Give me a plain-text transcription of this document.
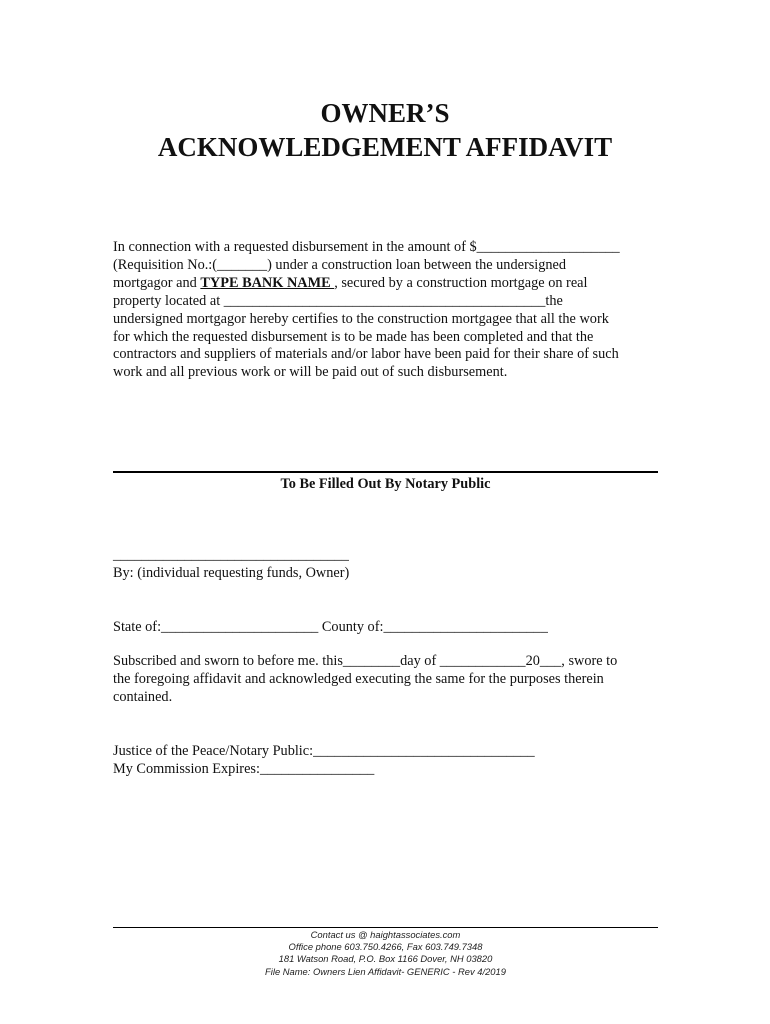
OWNER’S
ACKNOWLEDGEMENT AFFIDAVIT

In connection with a requested disbursement in the amount of $____________________
(Requisition No.:(_______) under a construction loan between the undersigned
mortgagor and TYPE BANK NAME , secured by a construction mortgage on real
property located at _____________________________________________the
undersigned mortgagor hereby certifies to the construction mortgagee that all the work
for which the requested disbursement is to be made has been completed and that the
contractors and suppliers of materials and/or labor have been paid for their share of such
work and all previous work or will be paid out of such disbursement.

To Be Filled Out By Notary Public
_________________________________
By: (individual requesting funds, Owner)
State of:______________________ County of:_______________________

Subscribed and sworn to before me. this________day of ____________20___, swore to
the foregoing affidavit and acknowledged executing the same for the purposes therein
contained.

Justice of the Peace/Notary Public:_______________________________
My Commission Expires:________________
Contact us @ haightassociates.com
Office phone 603.750.4266, Fax 603.749.7348
181 Watson Road, P.O. Box 1166 Dover, NH 03820
File Name: Owners Lien Affidavit- GENERIC - Rev 4/2019
